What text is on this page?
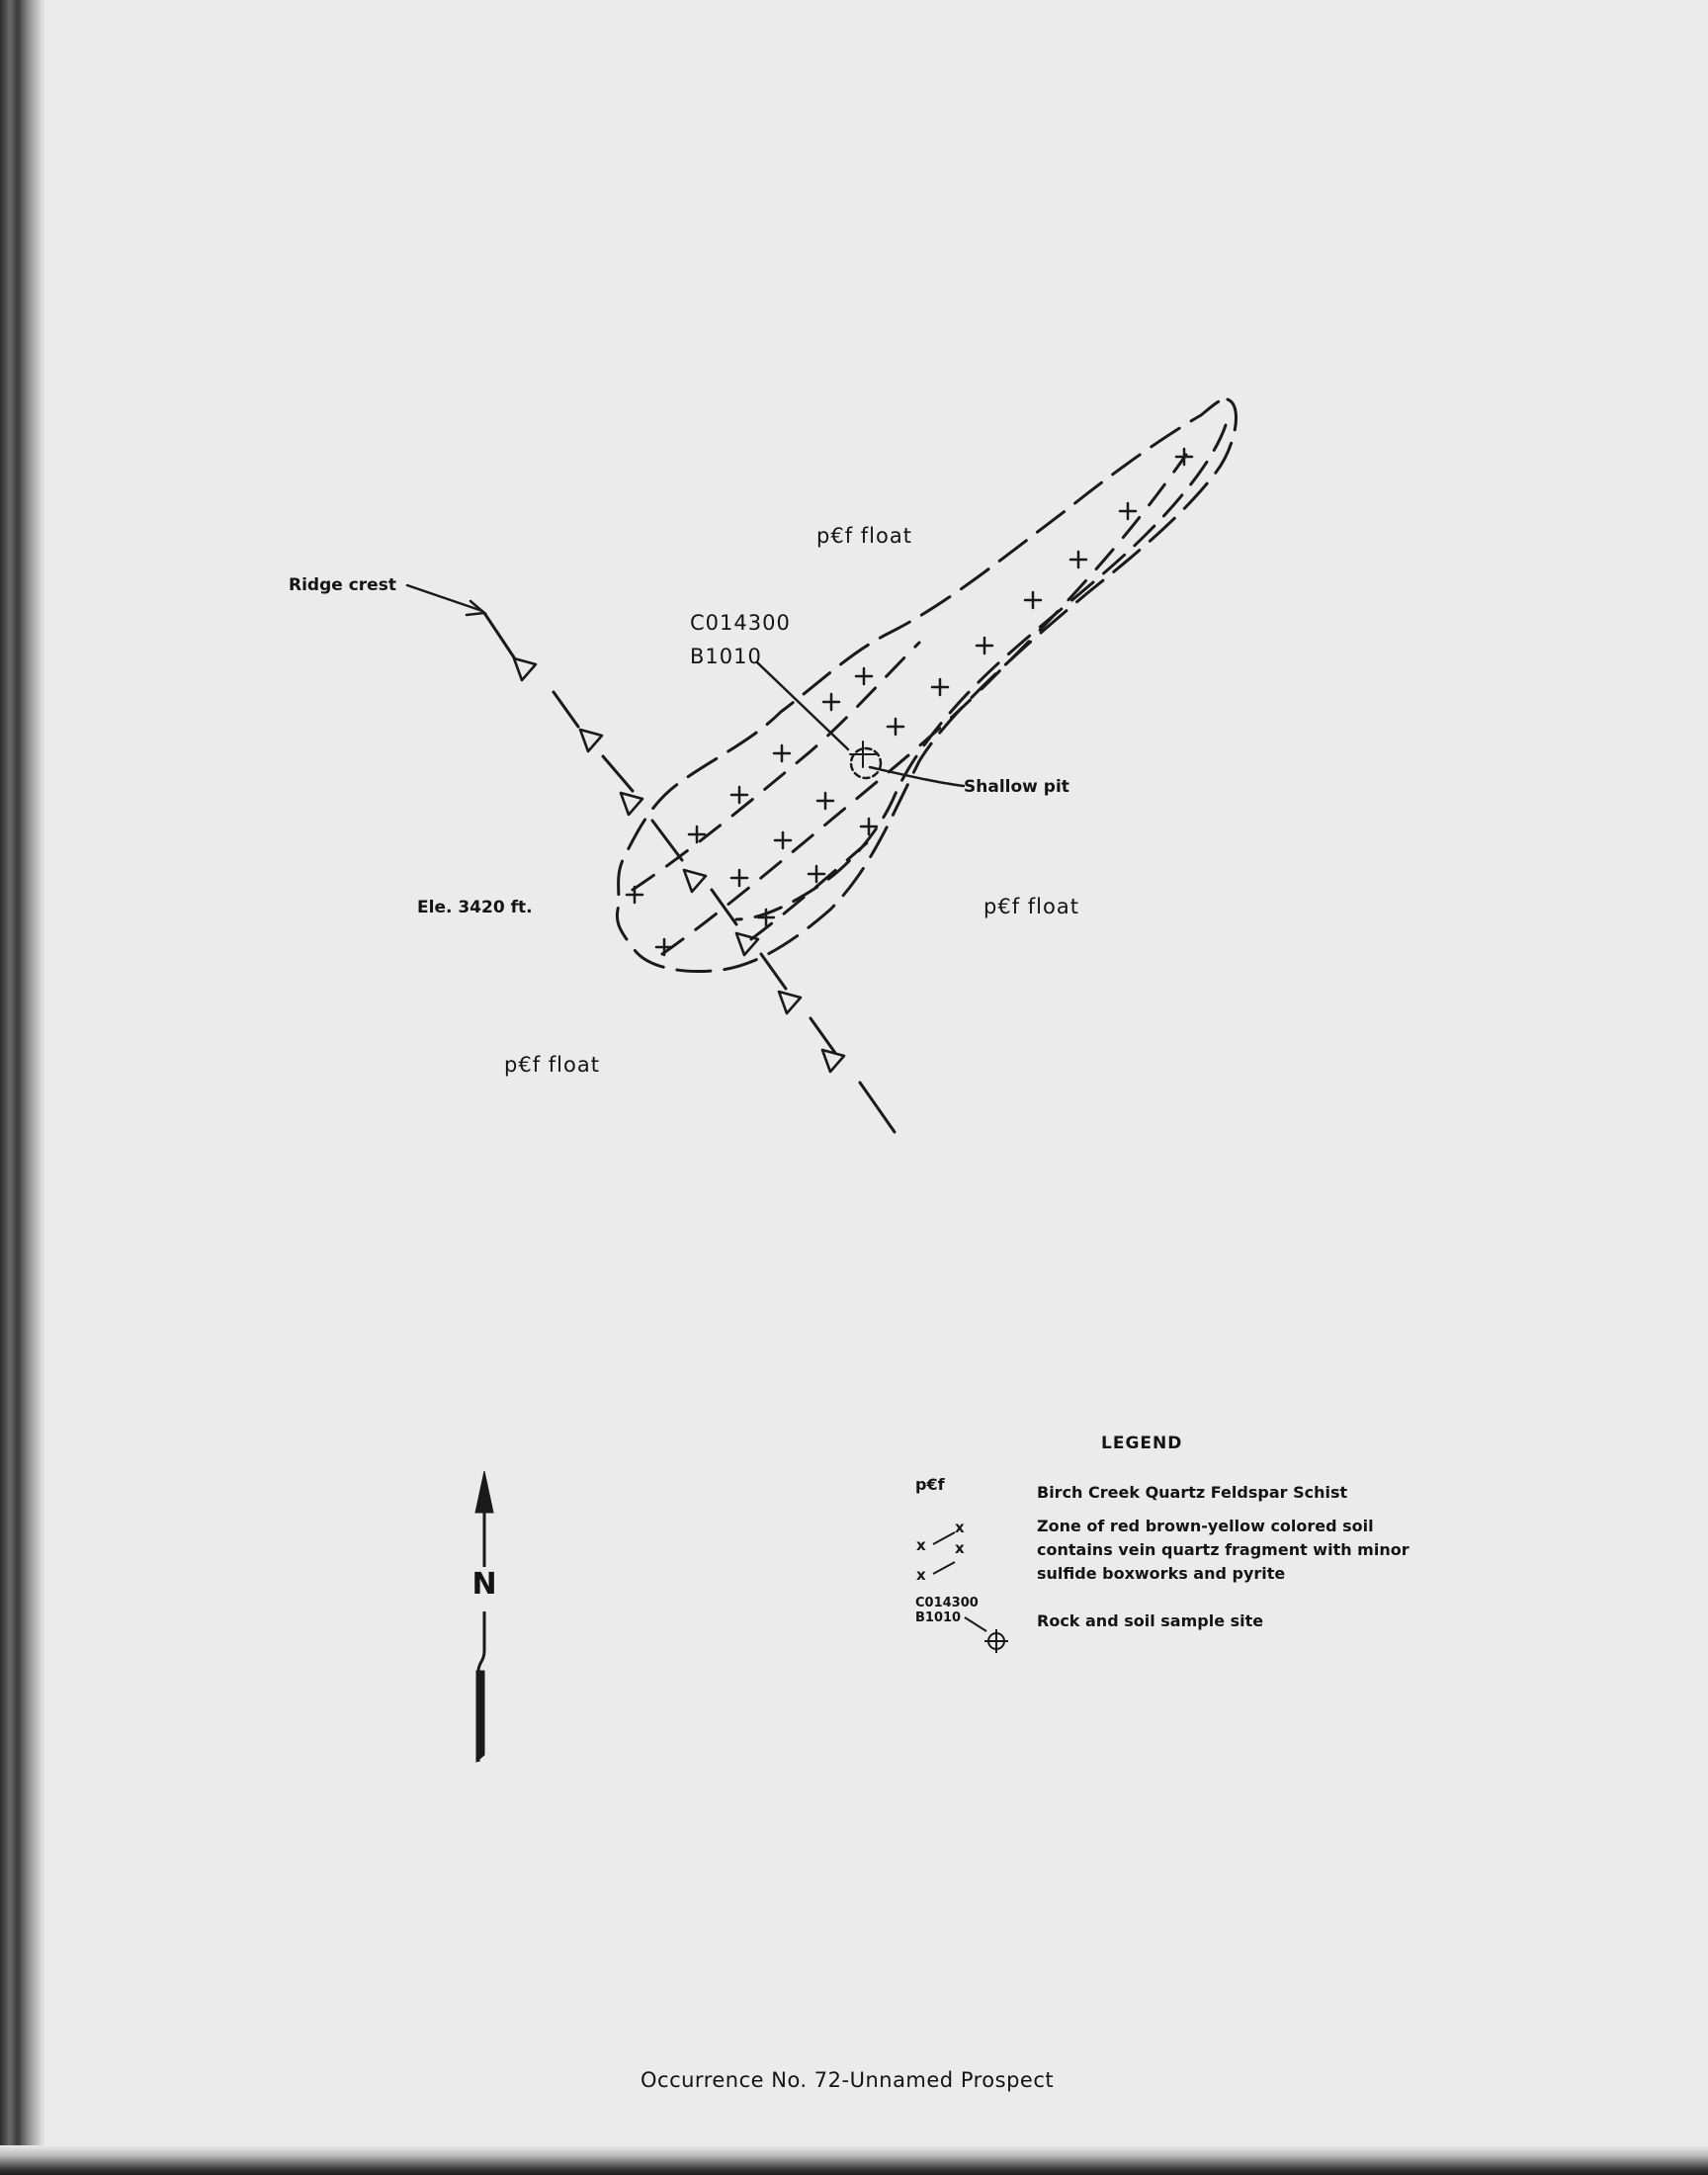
x
x
x
x
p€f float
p€f float
p€f float
Ridge crest
C014300
B1010
Shallow pit
Ele. 3420 ft.
N
LEGEND
p€f	Birch Creek Quartz Feldspar Schist
Zone of red brown-yellow colored soil
contains vein quartz fragment with minor
sulfide boxworks and pyrite
C014300
B1010	Rock and soil sample site
Occurrence No. 72-Unnamed Prospect
